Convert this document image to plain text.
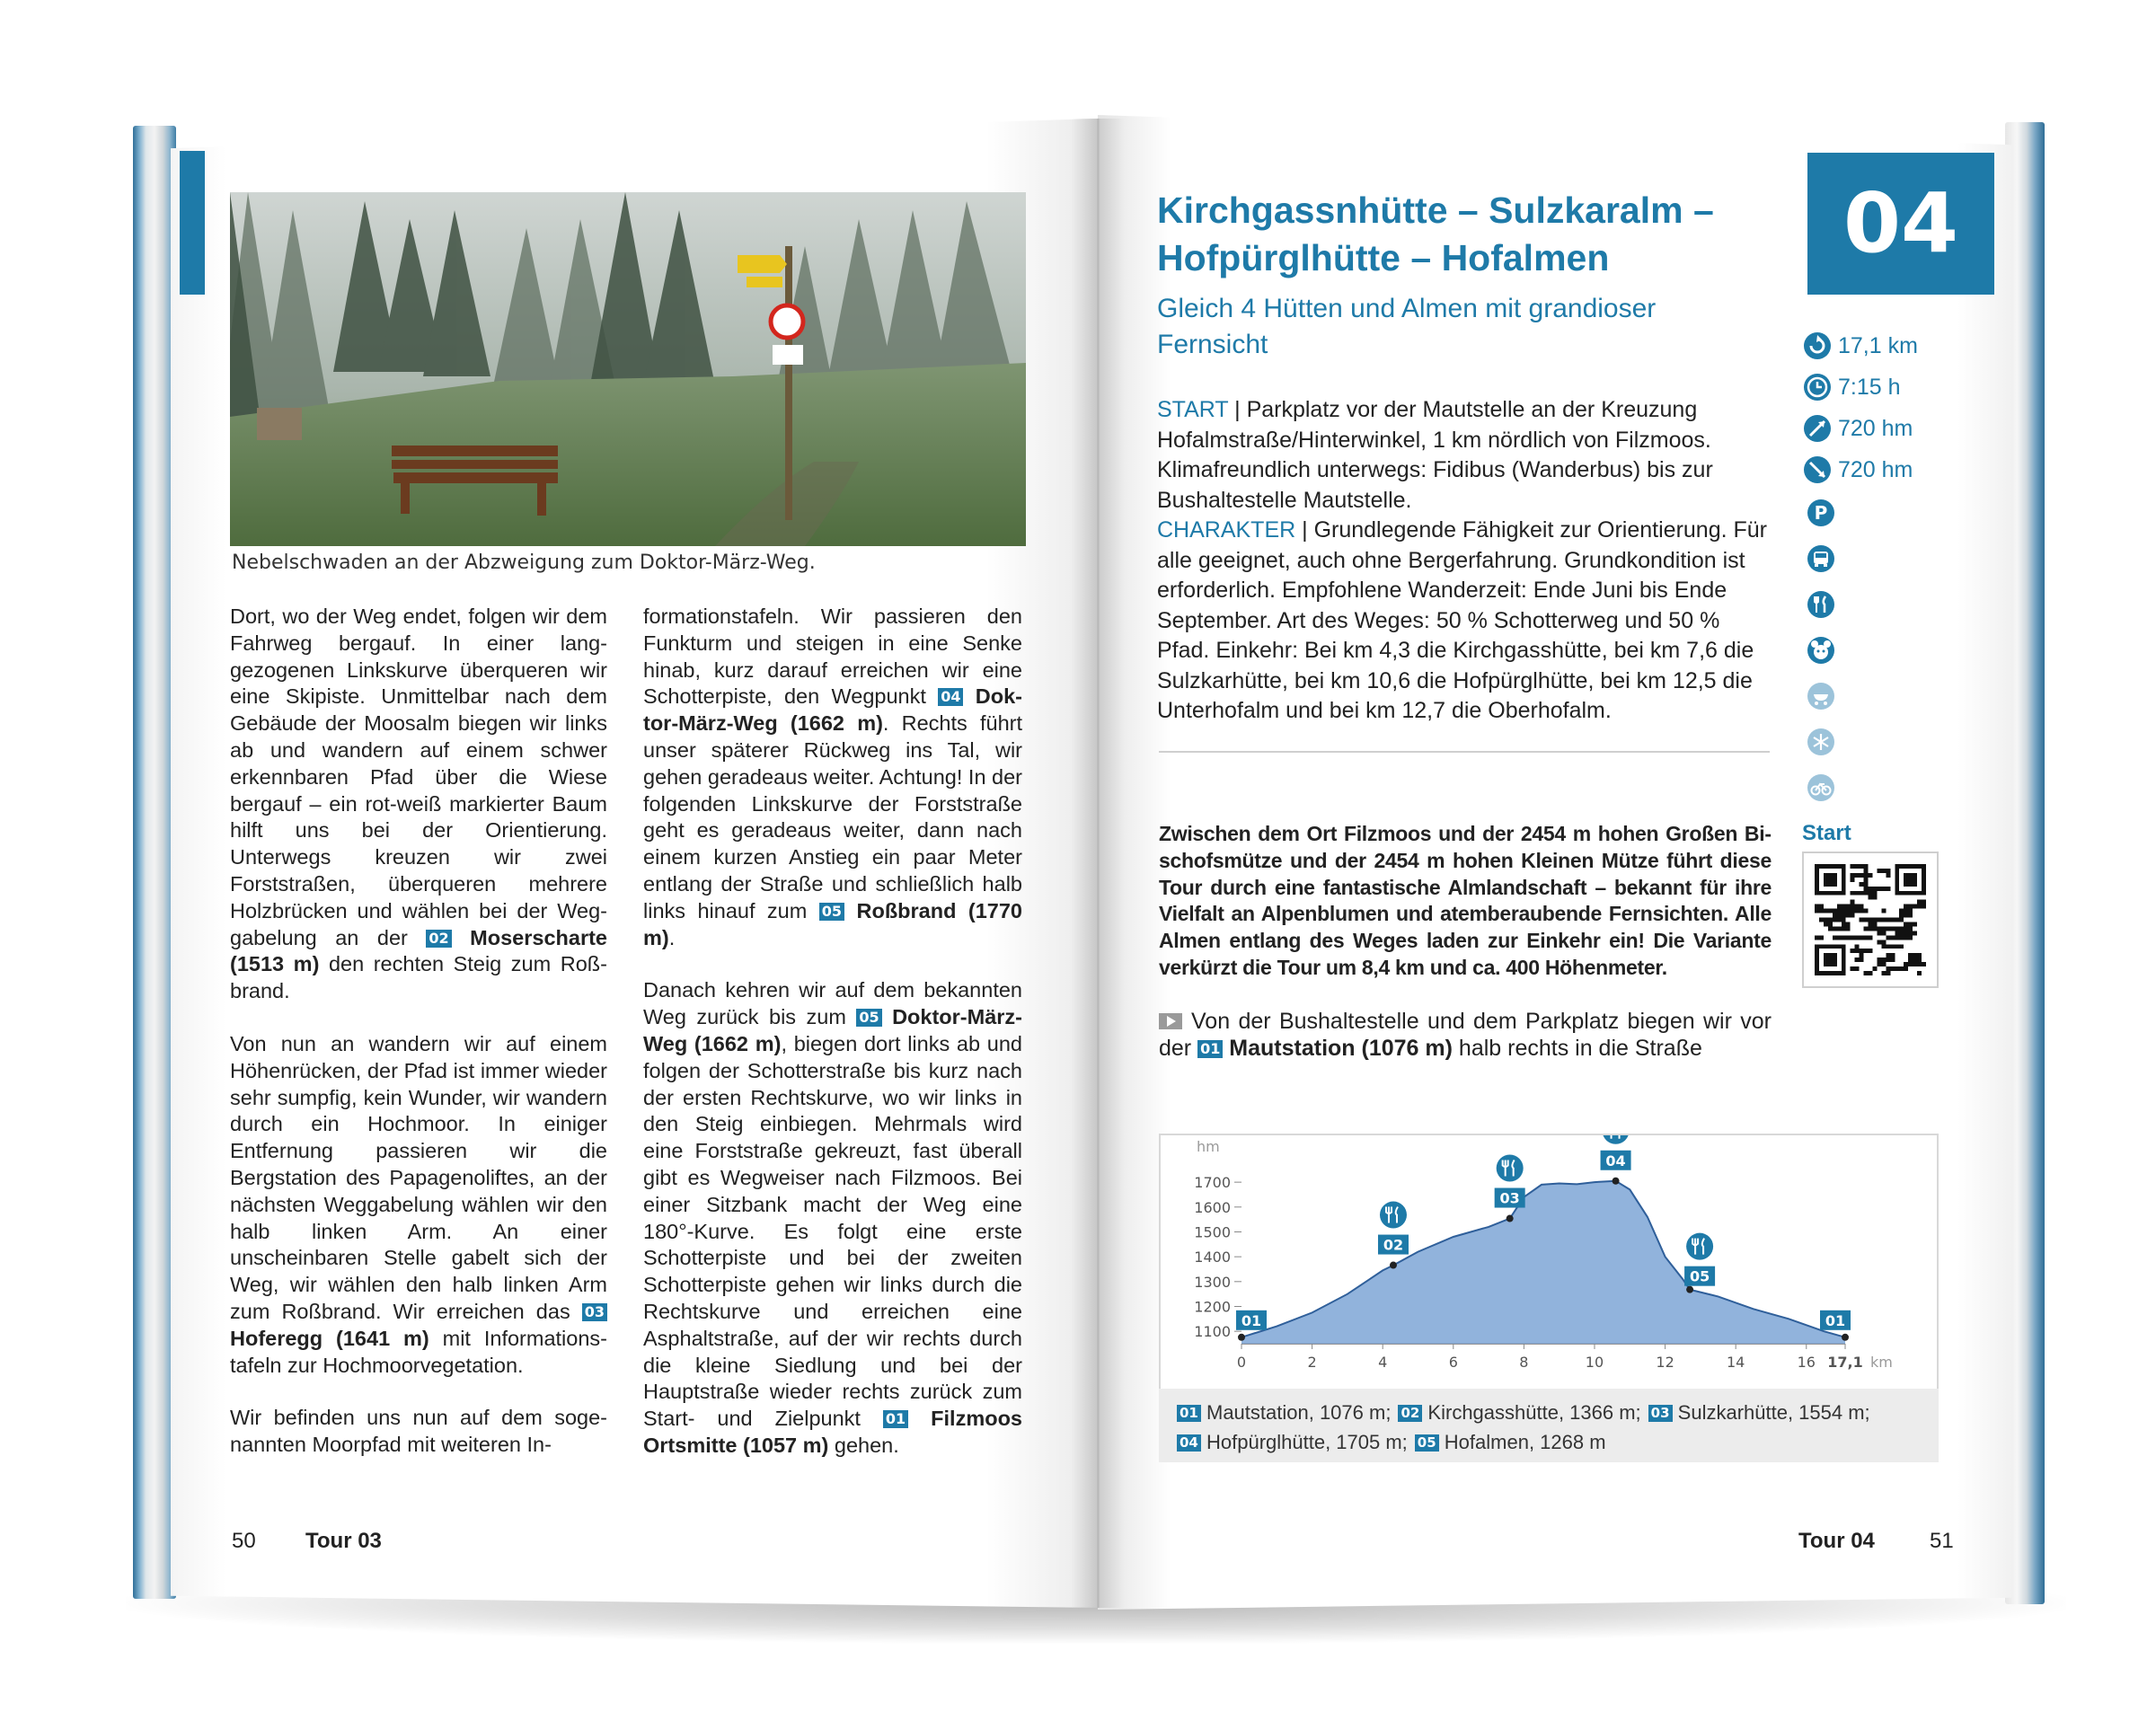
Nebelschwaden an der Abzweigung zum Doktor-März-Weg.

Dort, wo der Weg endet, folgen wir dem Fahrweg bergauf. In einer langgezogenen Linkskurve überqueren wir eine Skipiste. Unmittelbar nach dem Gebäude der Moosalm biegen wir links ab und wandern auf einem schwer erkennbaren Pfad über die Wiese bergauf – ein rot-weiß markierter Baum hilft uns bei der Orientierung. Unterwegs kreuzen wir zwei Forststraßen, überqueren mehrere Holzbrücken und wählen bei der Weggabelung an der 02 Moserscharte (1513 m) den rechten Steig zum Roßbrand.

Von nun an wandern wir auf einem Höhenrücken, der Pfad ist immer wieder sehr sumpfig, kein Wunder, wir wandern durch ein Hochmoor. In einiger Entfernung passieren wir die Bergstation des Papagenoliftes, an der nächsten Weggabelung wählen wir den halb linken Arm. An einer unscheinbaren Stelle gabelt sich der Weg, wir wählen den halb linken Arm zum Roßbrand. Wir erreichen das 03 Hoferegg (1641 m) mit Informationstafeln zur Hochmoorvegetation.

Wir befinden uns nun auf dem sogenannten Moorpfad mit weiteren In-

formationstafeln. Wir passieren den Funkturm und steigen in eine Senke hinab, kurz darauf erreichen wir eine Schotterpiste, den Wegpunkt 04 Doktor-März-Weg (1662 m). Rechts führt unser späterer Rückweg ins Tal, wir gehen geradeaus weiter. Achtung! In der folgenden Linkskurve der Forststraße geht es geradeaus weiter, dann nach einem kurzen Anstieg ein paar Meter entlang der Straße und schließlich halb links hinauf zum 05 Roßbrand (1770 m).

Danach kehren wir auf dem bekannten Weg zurück bis zum 05 Doktor-März-Weg (1662 m), biegen dort links ab und folgen der Schotterstraße bis kurz nach der ersten Rechtskurve, wo wir links in den Steig einbiegen. Mehrmals wird eine Forststraße gekreuzt, fast überall gibt es Wegweiser nach Filzmoos. Bei einer Sitzbank macht der Weg eine 180°-Kurve. Es folgt eine erste Schotterpiste und bei der zweiten Schotterpiste gehen wir links durch die Rechtskurve und erreichen eine Asphaltstraße, auf der wir rechts durch die kleine Siedlung und bei der Hauptstraße wieder rechts zurück zum Start- und Zielpunkt 01 Filzmoos Ortsmitte (1057 m) gehen.

50 Tour 03
Kirchgassnhütte – Sulzkaralm – Hofpürglhütte – Hofalmen
Gleich 4 Hütten und Almen mit grandioser Fernsicht
04
START | Parkplatz vor der Mautstelle an der Kreuzung Hofalmstraße/Hinterwinkel, 1 km nördlich von Filzmoos. Klimafreundlich unterwegs: Fidibus (Wanderbus) bis zur Bushaltestelle Mautstelle.
CHARAKTER | Grundlegende Fähigkeit zur Orientierung. Für alle geeignet, auch ohne Bergerfahrung. Grundkondition ist erforderlich. Empfohlene Wanderzeit: Ende Juni bis Ende September. Art des Weges: 50 % Schotterweg und 50 % Pfad. Einkehr: Bei km 4,3 die Kirchgasshütte, bei km 7,6 die Sulzkarhütte, bei km 10,6 die Hofpürglhütte, bei km 12,5 die Unterhofalm und bei km 12,7 die Oberhofalm.
17,1 km
7:15 h
720 hm
720 hm
P

Zwischen dem Ort Filzmoos und der 2454 m hohen Großen Bischofsmütze und der 2454 m hohen Kleinen Mütze führt diese Tour durch eine fantastische Almlandschaft – bekannt für ihre Vielfalt an Alpenblumen und atemberaubende Fernsichten. Alle Almen entlang des Weges laden zur Einkehr ein! Die Variante verkürzt die Tour um 8,4 km und ca. 400 Höhenmeter.
Start
Von der Bushaltestelle und dem Parkplatz biegen wir vor der 01 Mautstation (1076 m) halb rechts in die Straße
hm
1100
1200
1300
1400
1500
1600
1700
0	2	4	6	8	10	12	14	16 17,1 km
01
02
03
04
05
01
01 Mautstation, 1076 m; 02 Kirchgasshütte, 1366 m; 03 Sulzkarhütte, 1554 m;
04 Hofpürglhütte, 1705 m; 05 Hofalmen, 1268 m
Tour 04	51
